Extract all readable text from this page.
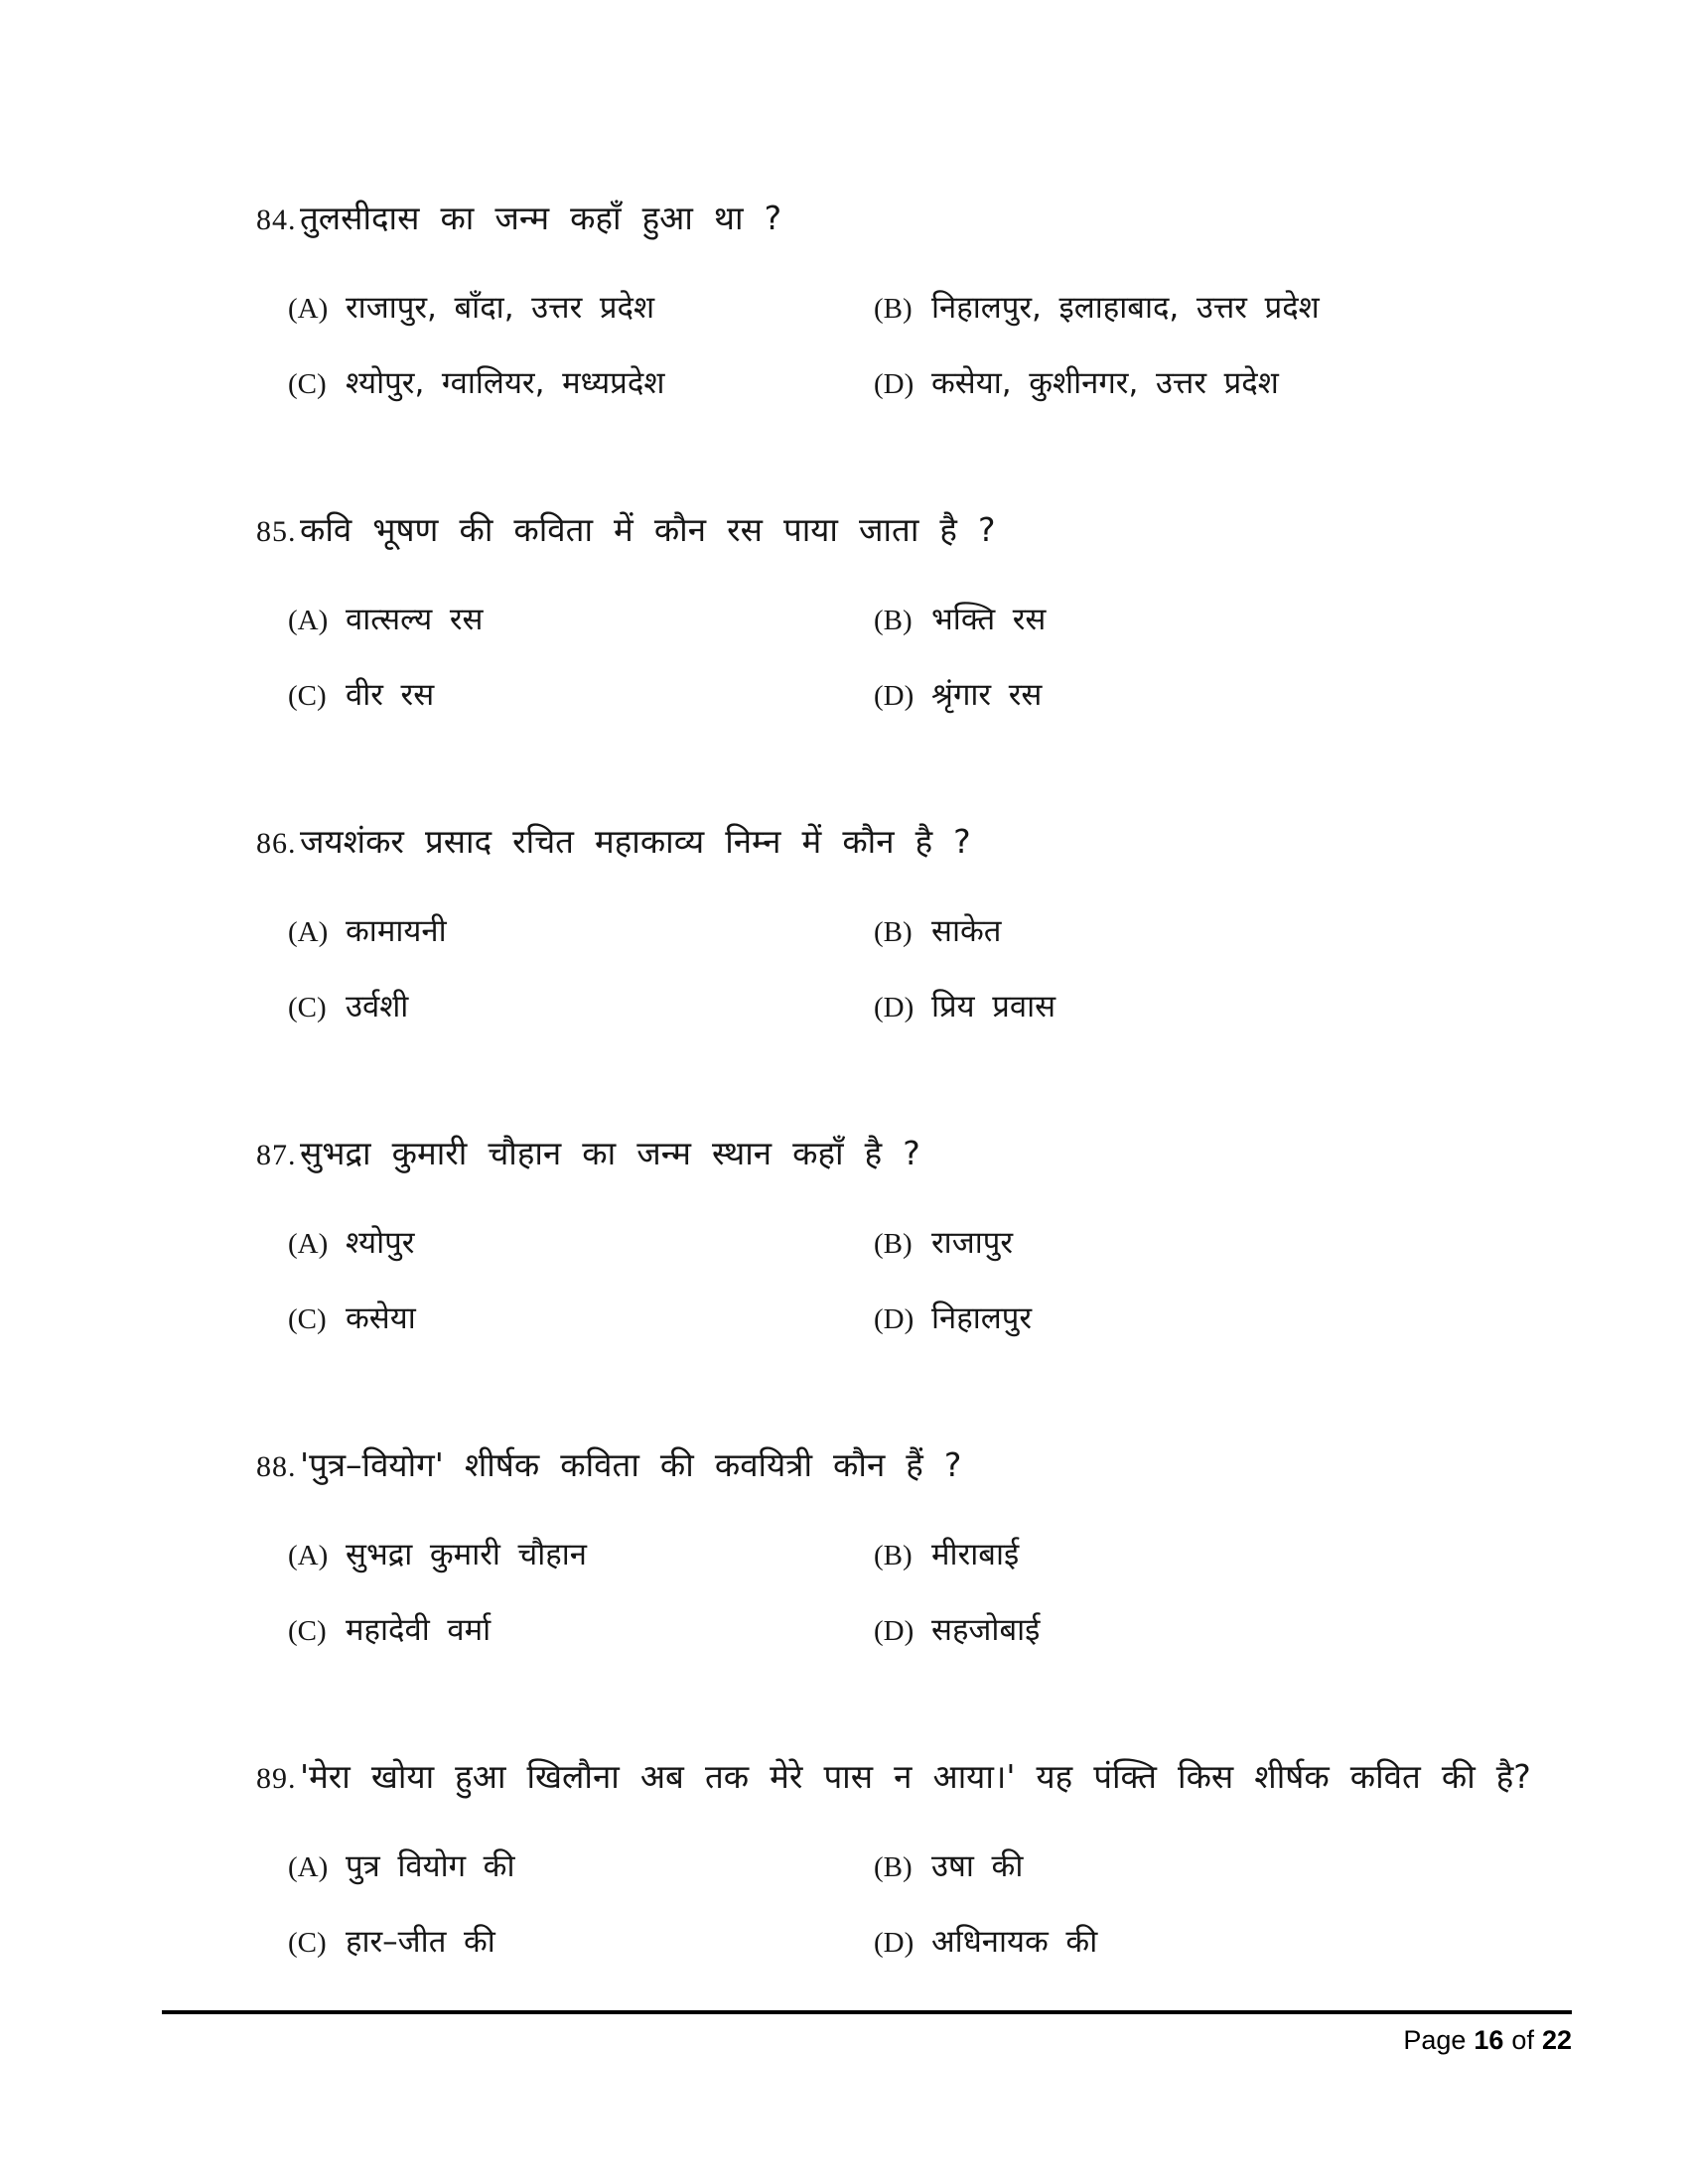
84. तुलसीदास का जन्म कहाँ हुआ था ?
(A) राजापुर, बाँदा, उत्तर प्रदेश	(B) निहालपुर, इलाहाबाद, उत्तर प्रदेश
(C) श्योपुर, ग्वालियर, मध्यप्रदेश	(D) कसेया, कुशीनगर, उत्तर प्रदेश
85. कवि भूषण की कविता में कौन रस पाया जाता है ?
(A) वात्सल्य रस	(B) भक्ति रस
(C) वीर रस	(D) श्रृंगार रस
86. जयशंकर प्रसाद रचित महाकाव्य निम्न में कौन है ?
(A) कामायनी	(B) साकेत
(C) उर्वशी	(D) प्रिय प्रवास
87. सुभद्रा कुमारी चौहान का जन्म स्थान कहाँ है ?
(A) श्योपुर	(B) राजापुर
(C) कसेया	(D) निहालपुर
88. 'पुत्र–वियोग' शीर्षक कविता की कवयित्री कौन हैं ?
(A) सुभद्रा कुमारी चौहान	(B) मीराबाई
(C) महादेवी वर्मा	(D) सहजोबाई
89. 'मेरा खोया हुआ खिलौना अब तक मेरे पास न आया।' यह पंक्ति किस शीर्षक कवित की है?
(A) पुत्र वियोग की	(B) उषा की
(C) हार–जीत की	(D) अधिनायक की
Page 16 of 22
